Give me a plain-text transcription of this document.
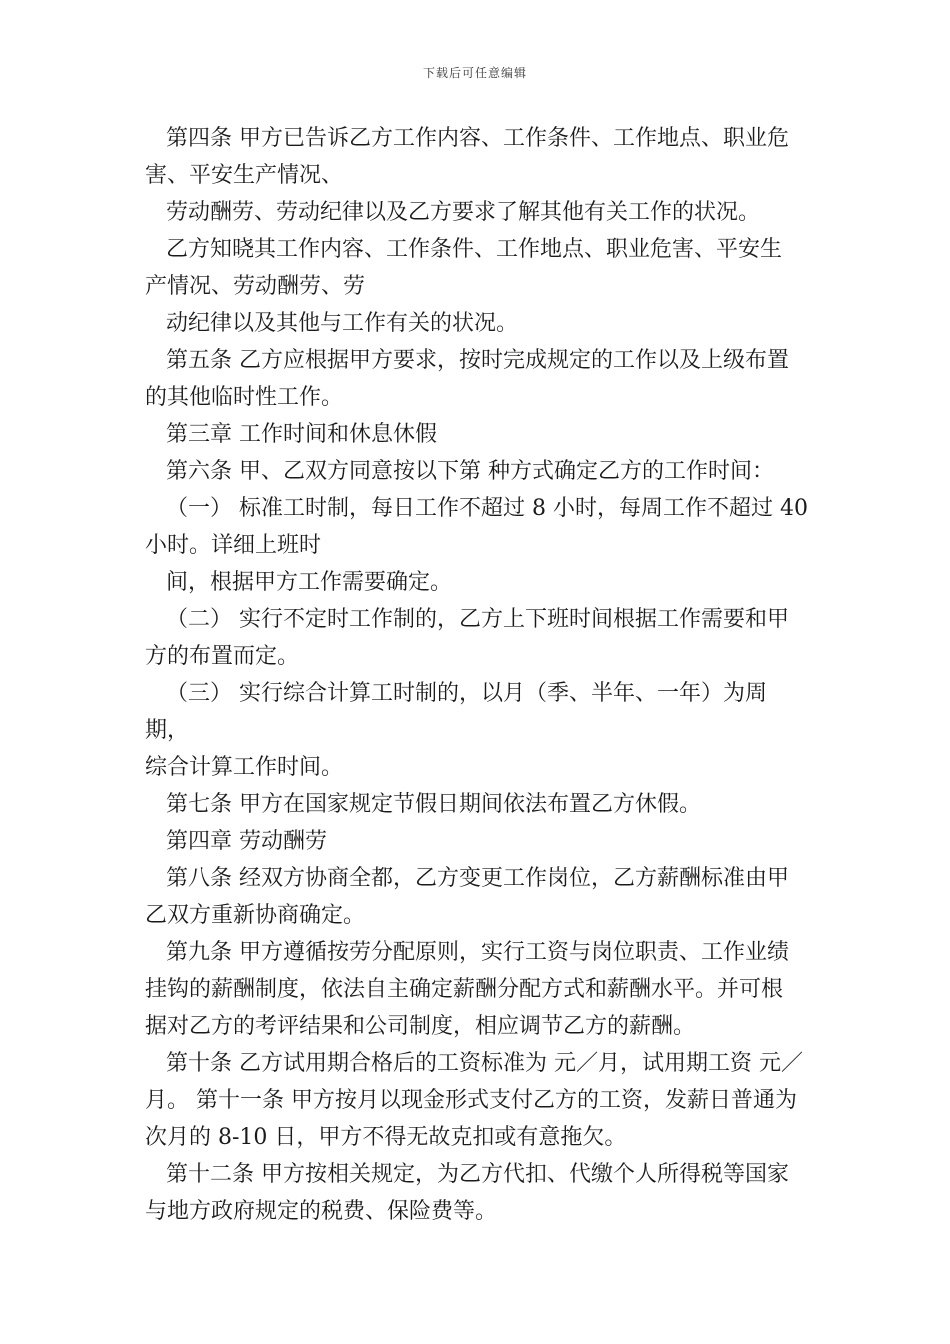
下载后可任意编辑

第四条 甲方已告诉乙方工作内容、工作条件、工作地点、职业危

害、平安生产情况、

劳动酬劳、劳动纪律以及乙方要求了解其他有关工作的状况。

乙方知晓其工作内容、工作条件、工作地点、职业危害、平安生

产情况、劳动酬劳、劳

动纪律以及其他与工作有关的状况。

第五条 乙方应根据甲方要求，按时完成规定的工作以及上级布置

的其他临时性工作。

第三章 工作时间和休息休假

第六条 甲、乙双方同意按以下第 种方式确定乙方的工作时间：

（一） 标准工时制，每日工作不超过 8 小时，每周工作不超过 40

小时。详细上班时

间，根据甲方工作需要确定。

（二） 实行不定时工作制的，乙方上下班时间根据工作需要和甲

方的布置而定。

（三） 实行综合计算工时制的，以月（季、半年、一年）为周期，

综合计算工作时间。

第七条 甲方在国家规定节假日期间依法布置乙方休假。

第四章 劳动酬劳

第八条 经双方协商全都，乙方变更工作岗位，乙方薪酬标准由甲

乙双方重新协商确定。

第九条 甲方遵循按劳分配原则，实行工资与岗位职责、工作业绩

挂钩的薪酬制度，依法自主确定薪酬分配方式和薪酬水平。并可根

据对乙方的考评结果和公司制度，相应调节乙方的薪酬。

第十条 乙方试用期合格后的工资标准为 元／月，试用期工资 元／

月。 第十一条 甲方按月以现金形式支付乙方的工资，发薪日普通为

次月的 8-10 日，甲方不得无故克扣或有意拖欠。

第十二条 甲方按相关规定，为乙方代扣、代缴个人所得税等国家

与地方政府规定的税费、保险费等。
